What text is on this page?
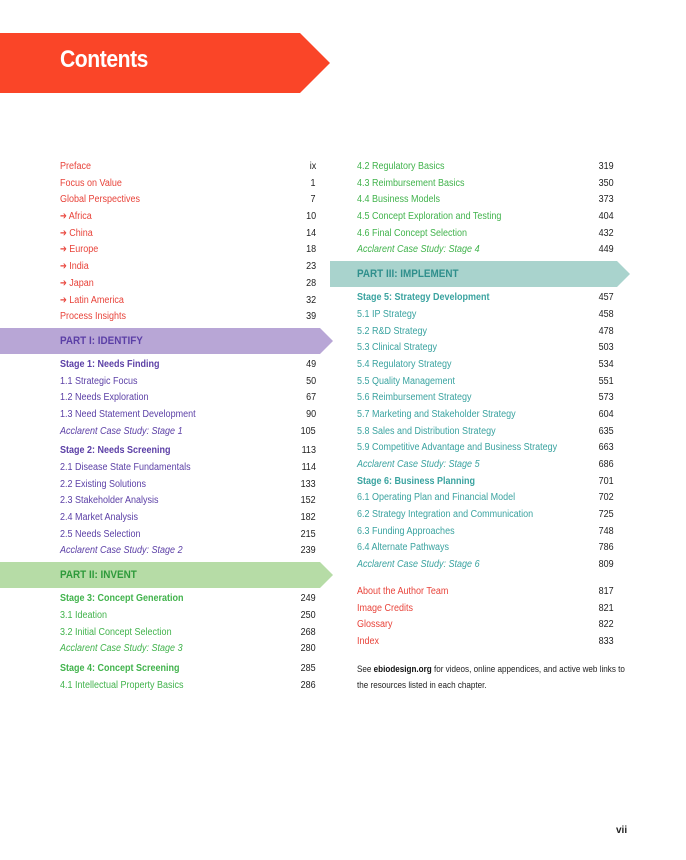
Contents
Preface	ix
Focus on Value	1
Global Perspectives	7
➔ Africa	10
➔ China	14
➔ Europe	18
➔ India	23
➔ Japan	28
➔ Latin America	32
Process Insights	39
PART I: IDENTIFY
Stage 1: Needs Finding	49
1.1 Strategic Focus	50
1.2 Needs Exploration	67
1.3 Need Statement Development	90
Acclarent Case Study: Stage 1	105
Stage 2: Needs Screening	113
2.1 Disease State Fundamentals	114
2.2 Existing Solutions	133
2.3 Stakeholder Analysis	152
2.4 Market Analysis	182
2.5 Needs Selection	215
Acclarent Case Study: Stage 2	239
PART II: INVENT
Stage 3: Concept Generation	249
3.1 Ideation	250
3.2 Initial Concept Selection	268
Acclarent Case Study: Stage 3	280
Stage 4: Concept Screening	285
4.1 Intellectual Property Basics	286
4.2 Regulatory Basics	319
4.3 Reimbursement Basics	350
4.4 Business Models	373
4.5 Concept Exploration and Testing	404
4.6 Final Concept Selection	432
Acclarent Case Study: Stage 4	449
PART III: IMPLEMENT
Stage 5: Strategy Development	457
5.1 IP Strategy	458
5.2 R&D Strategy	478
5.3 Clinical Strategy	503
5.4 Regulatory Strategy	534
5.5 Quality Management	551
5.6 Reimbursement Strategy	573
5.7 Marketing and Stakeholder Strategy	604
5.8 Sales and Distribution Strategy	635
5.9 Competitive Advantage and Business Strategy	663
Acclarent Case Study: Stage 5	686
Stage 6: Business Planning	701
6.1 Operating Plan and Financial Model	702
6.2 Strategy Integration and Communication	725
6.3 Funding Approaches	748
6.4 Alternate Pathways	786
Acclarent Case Study: Stage 6	809
About the Author Team	817
Image Credits	821
Glossary	822
Index	833
See ebiodesign.org for videos, online appendices, and active web links to the resources listed in each chapter.
vii
